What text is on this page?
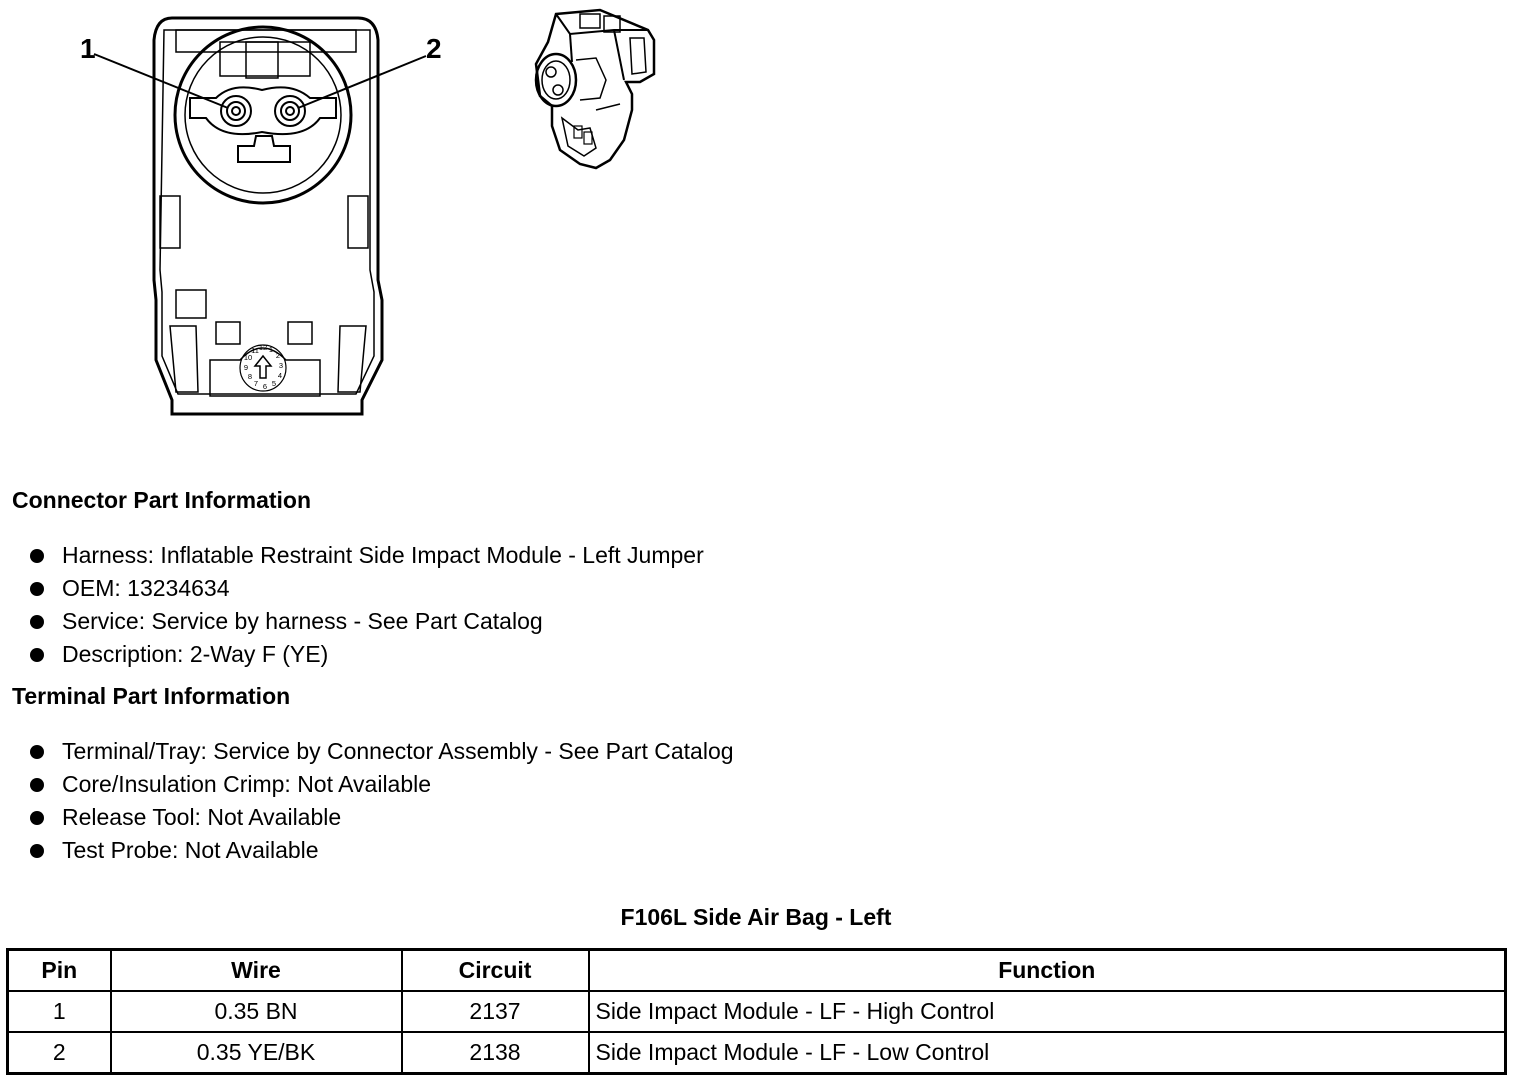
1	2
1
2
3
4
5
6
7
8
9
10
11 12
Connector Part Information
Harness: Inflatable Restraint Side Impact Module - Left Jumper
OEM: 13234634
Service: Service by harness - See Part Catalog
Description: 2-Way F (YE)
Terminal Part Information
Terminal/Tray: Service by Connector Assembly - See Part Catalog
Core/Insulation Crimp: Not Available
Release Tool: Not Available
Test Probe: Not Available
F106L Side Air Bag - Left
Pin	Wire	Circuit	Function
1	0.35 BN	2137	Side Impact Module - LF - High Control
2	0.35 YE/BK	2138	Side Impact Module - LF - Low Control
